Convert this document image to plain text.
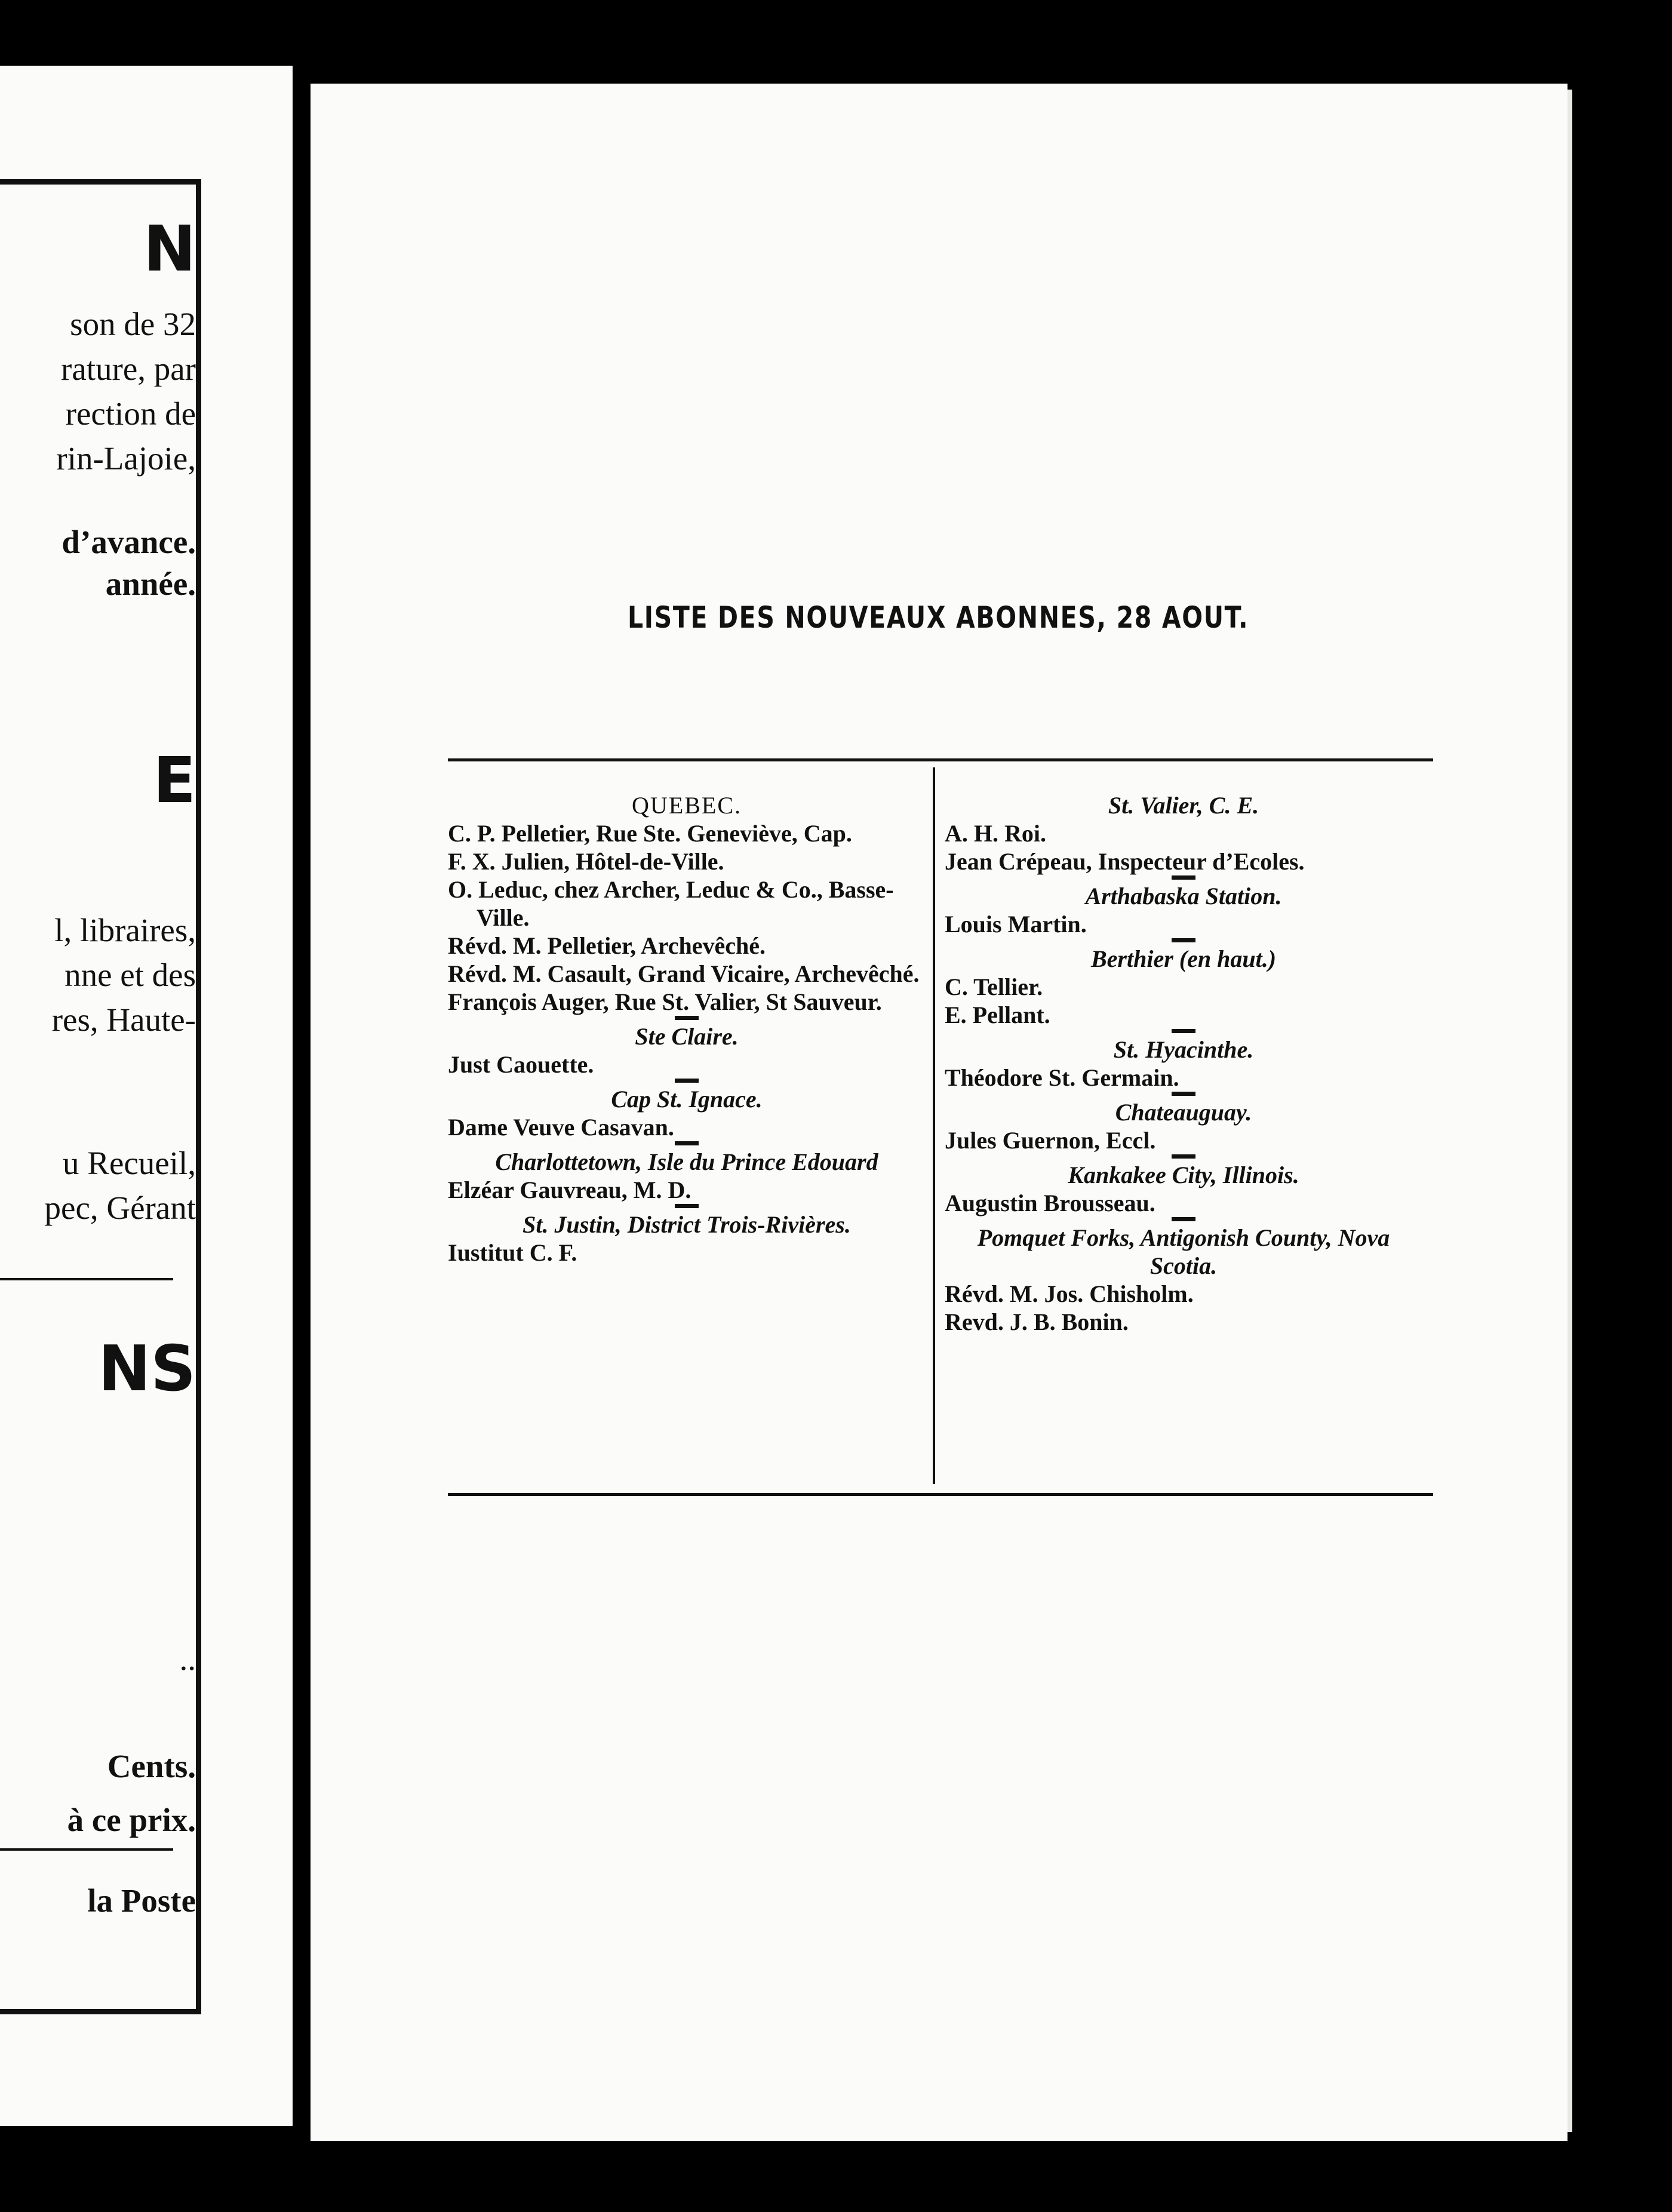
N
son de 32
rature, par
rection de
rin-Lajoie,
d’avance.
année.
E
l, libraires,
nne et des
res, Haute-
u Recueil,
pec, Gérant
NS
..
Cents.
à ce prix.
la Poste
LISTE DES NOUVEAUX ABONNES, 28 AOUT.
QUEBEC.
C. P. Pelletier, Rue Ste. Geneviève, Cap.
F. X. Julien, Hôtel-de-Ville.
O. Leduc, chez Archer, Leduc & Co., Basse-Ville.
Révd. M. Pelletier, Archevêché.
Révd. M. Casault, Grand Vicaire, Archevêché.
François Auger, Rue St. Valier, St Sauveur.
Ste Claire.
Just Caouette.
Cap St. Ignace.
Dame Veuve Casavan.
Charlottetown, Isle du Prince Edouard
Elzéar Gauvreau, M. D.
St. Justin, District Trois-Rivières.
Iustitut C. F.
St. Valier, C. E.
A. H. Roi.
Jean Crépeau, Inspecteur d’Ecoles.
Arthabaska Station.
Louis Martin.
Berthier (en haut.)
C. Tellier.
E. Pellant.
St. Hyacinthe.
Théodore St. Germain.
Chateauguay.
Jules Guernon, Eccl.
Kankakee City, Illinois.
Augustin Brousseau.
Pomquet Forks, Antigonish County, Nova Scotia.
Révd. M. Jos. Chisholm.
Revd. J. B. Bonin.
